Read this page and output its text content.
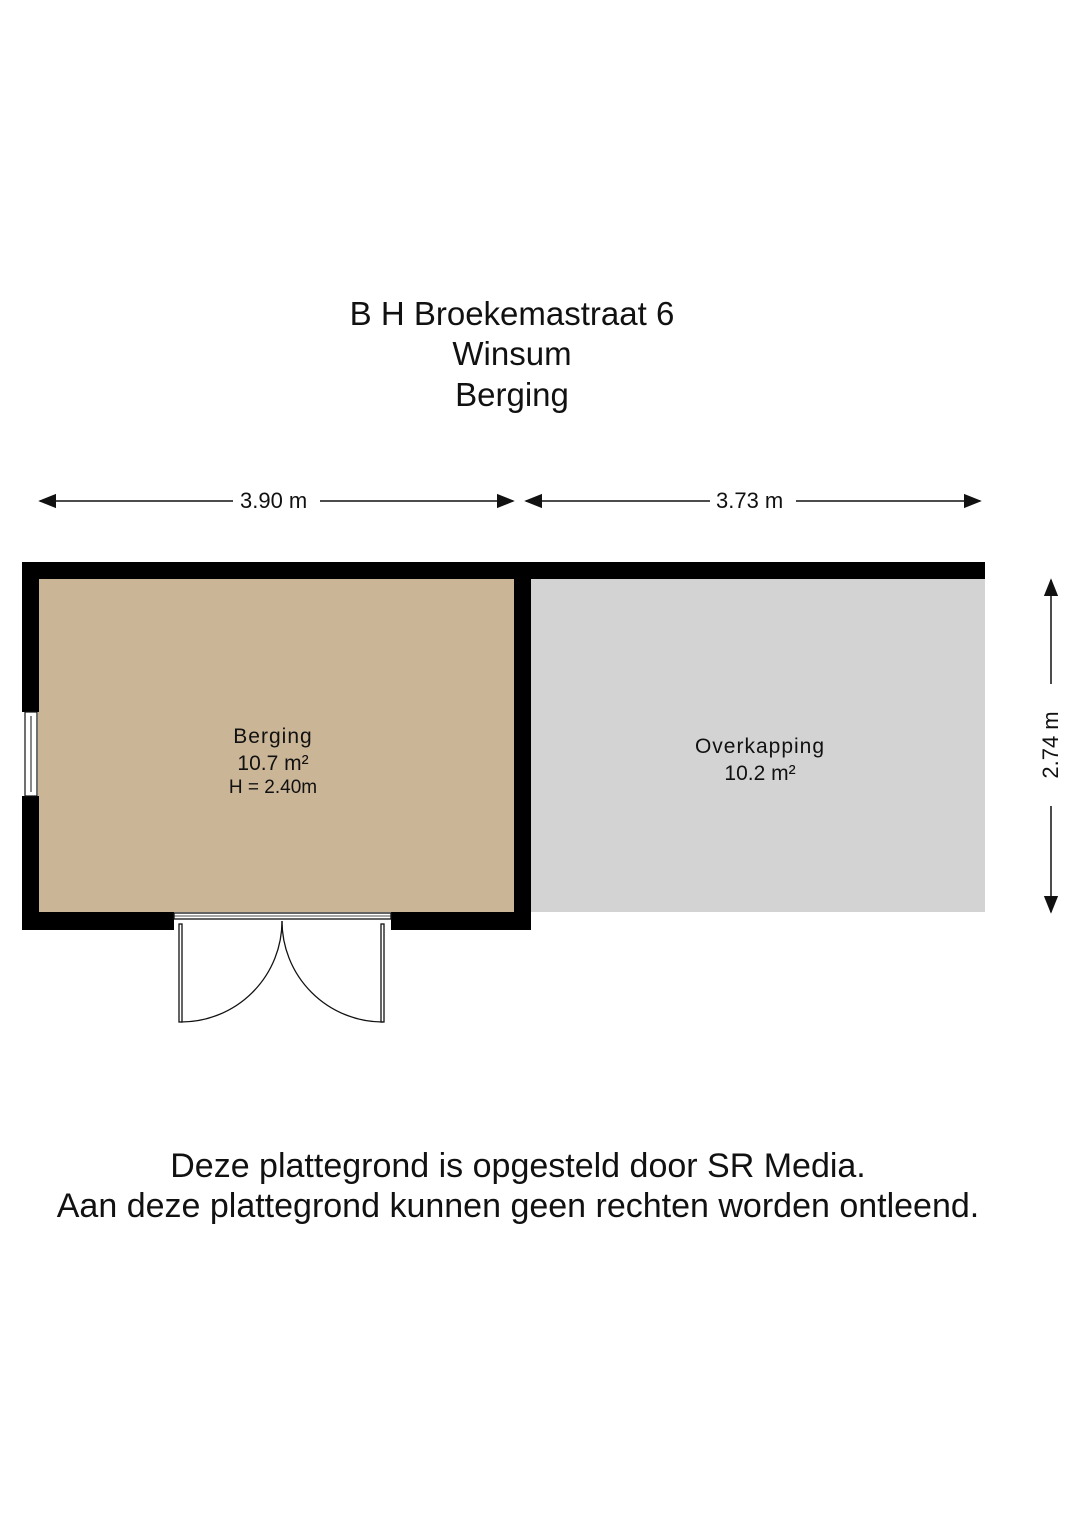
B H Broekemastraat 6
Winsum
Berging
3.90 m	3.73 m
2.74 m
Berging
10.7 m²
H = 2.40m
Overkapping
10.2 m²
Deze plattegrond is opgesteld door SR Media.
Aan deze plattegrond kunnen geen rechten worden ontleend.
